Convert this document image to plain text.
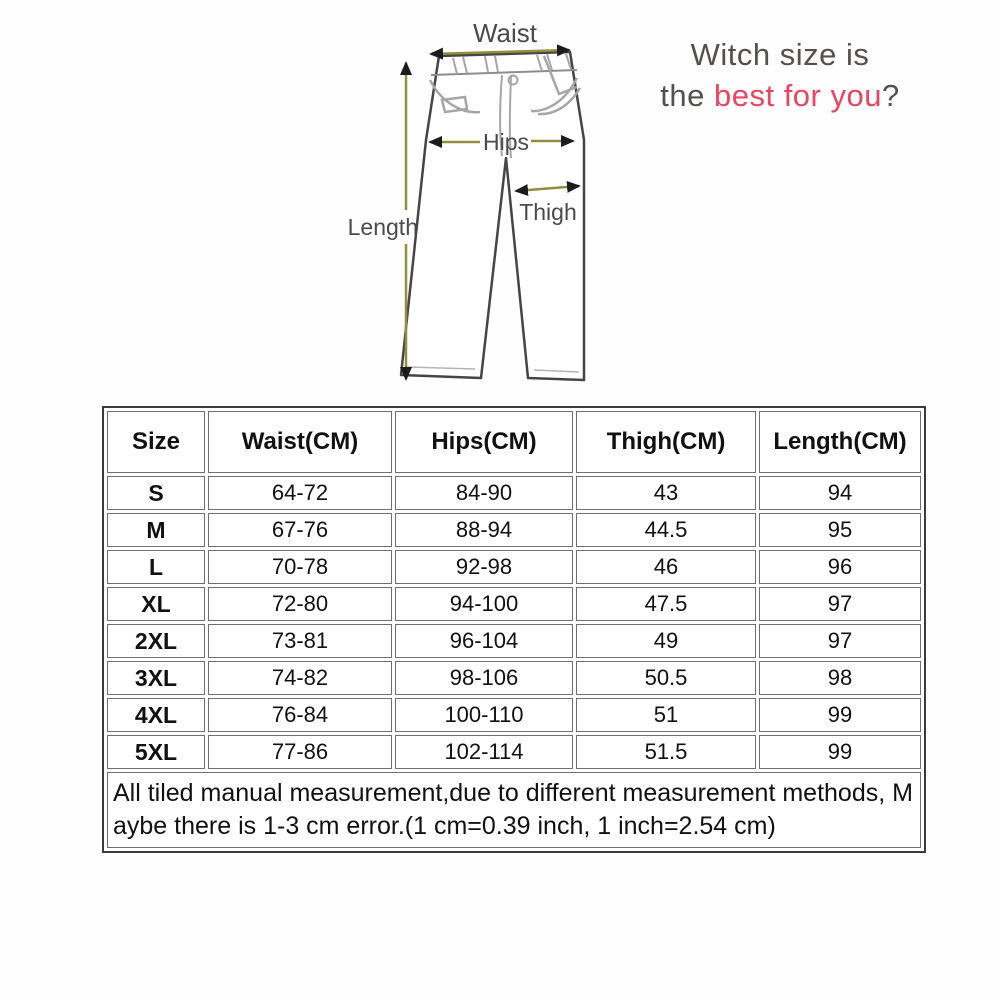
Waist
Hips
Thigh
Length
Witch size is
the best for you?
Size	Waist(CM)	Hips(CM)	Thigh(CM)	Length(CM)
S	64-72	84-90	43	94
M	67-76	88-94	44.5	95
L	70-78	92-98	46	96
XL	72-80	94-100	47.5	97
2XL	73-81	96-104	49	97
3XL	74-82	98-106	50.5	98
4XL	76-84	100-110	51	99
5XL	77-86	102-114	51.5	99
All tiled manual measurement,due to different measurement methods, Maybe there is 1-3 cm error.(1 cm=0.39 inch, 1 inch=2.54 cm)				
